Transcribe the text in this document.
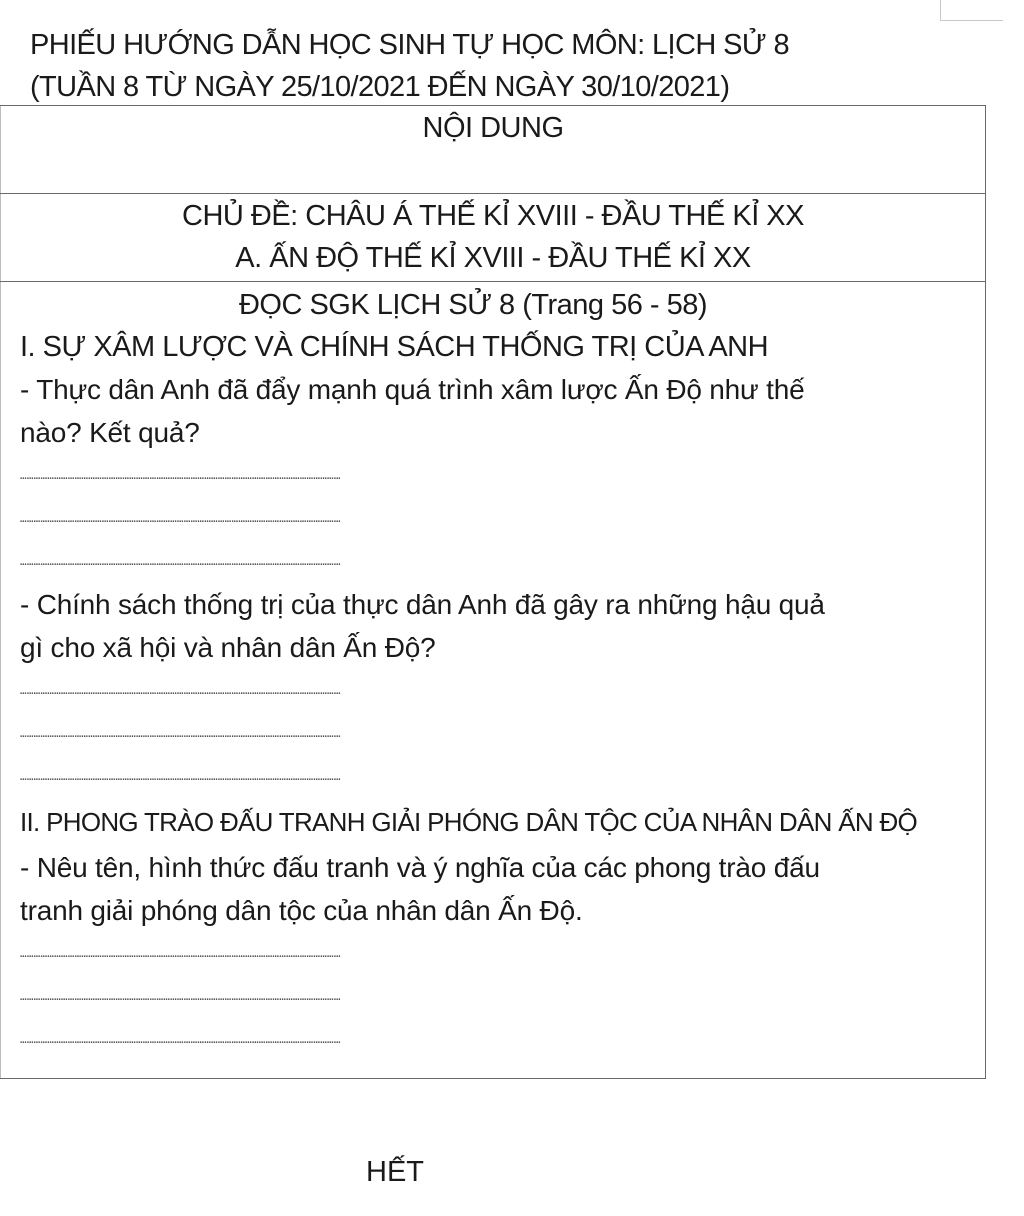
PHIẾU HƯỚNG DẪN HỌC SINH TỰ HỌC MÔN: LỊCH SỬ 8
(TUẦN 8 TỪ NGÀY 25/10/2021 ĐẾN NGÀY 30/10/2021)
NỘI DUNG
CHỦ ĐỀ: CHÂU Á THẾ KỈ XVIII - ĐẦU THẾ KỈ XX
A. ẤN ĐỘ THẾ KỈ XVIII - ĐẦU THẾ KỈ XX
ĐỌC SGK LỊCH SỬ 8 (Trang 56 - 58)
I. SỰ XÂM LƯỢC VÀ CHÍNH SÁCH THỐNG TRỊ CỦA ANH
- Thực dân Anh đã đẩy mạnh quá trình xâm lược Ấn Độ như thế
nào? Kết quả?
……………………………………………………………………………………………………………………………
……………………………………………………………………………………………………………………………
……………………………………………………………………………………………………………………………
- Chính sách thống trị của thực dân Anh đã gây ra những hậu quả
gì cho xã hội và nhân dân Ấn Độ?
……………………………………………………………………………………………………………………………
……………………………………………………………………………………………………………………………
……………………………………………………………………………………………………………………………
II. PHONG TRÀO ĐẤU TRANH GIẢI PHÓNG DÂN TỘC CỦA NHÂN DÂN ẤN ĐỘ
- Nêu tên, hình thức đấu tranh và ý nghĩa của các phong trào đấu
tranh giải phóng dân tộc của nhân dân Ấn Độ.
……………………………………………………………………………………………………………………………
……………………………………………………………………………………………………………………………
……………………………………………………………………………………………………………………………
HẾT
